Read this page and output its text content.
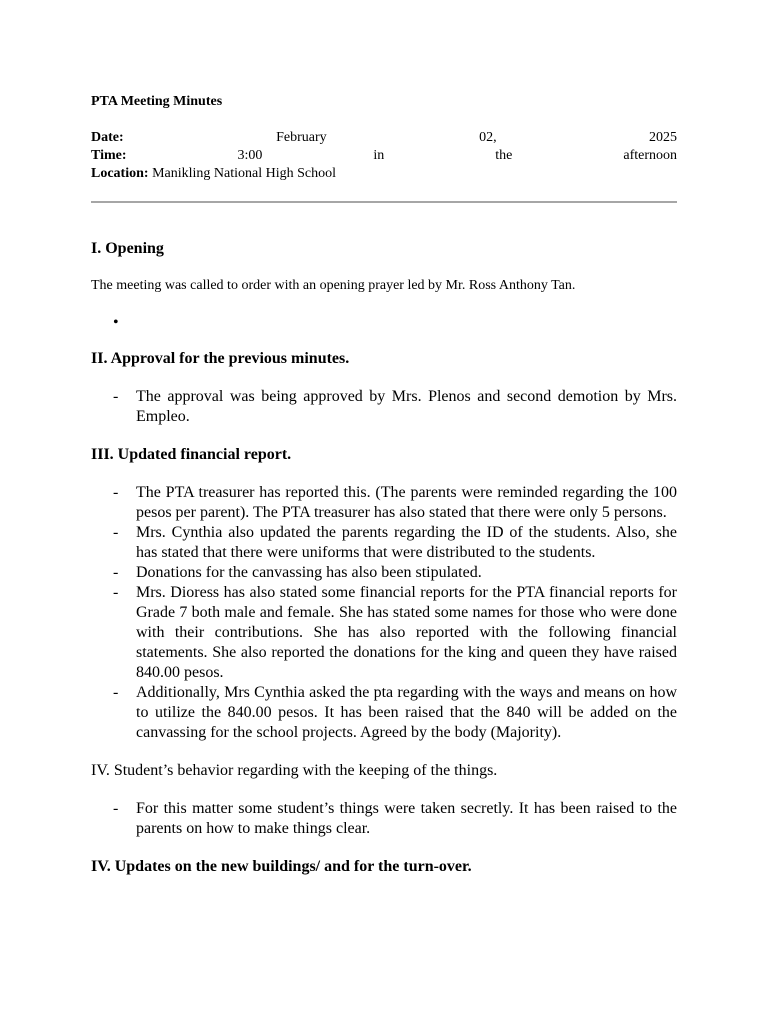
PTA Meeting Minutes
Date:	February 02, 2025
Time:	3:00 in the afternoon
Location: Manikling National High School
I. Opening
The meeting was called to order with an opening prayer led by Mr. Ross Anthony Tan.
•
II. Approval for the previous minutes.
- The approval was being approved by Mrs. Plenos and second demotion by Mrs. Empleo.
III. Updated financial report.
- The PTA treasurer has reported this. (The parents were reminded regarding the 100 pesos per parent). The PTA treasurer has also stated that there were only 5 persons.
- Mrs. Cynthia also updated the parents regarding the ID of the students. Also, she has stated that there were uniforms that were distributed to the students.
- Donations for the canvassing has also been stipulated.
- Mrs. Dioress has also stated some financial reports for the PTA financial reports for Grade 7 both male and female. She has stated some names for those who were done with their contributions. She has also reported with the following financial statements. She also reported the donations for the king and queen they have raised 840.00 pesos.
- Additionally, Mrs Cynthia asked the pta regarding with the ways and means on how to utilize the 840.00 pesos. It has been raised that the 840 will be added on the canvassing for the school projects. Agreed by the body (Majority).
IV. Student’s behavior regarding with the keeping of the things.
- For this matter some student’s things were taken secretly. It has been raised to the parents on how to make things clear.
IV. Updates on the new buildings/ and for the turn-over.
